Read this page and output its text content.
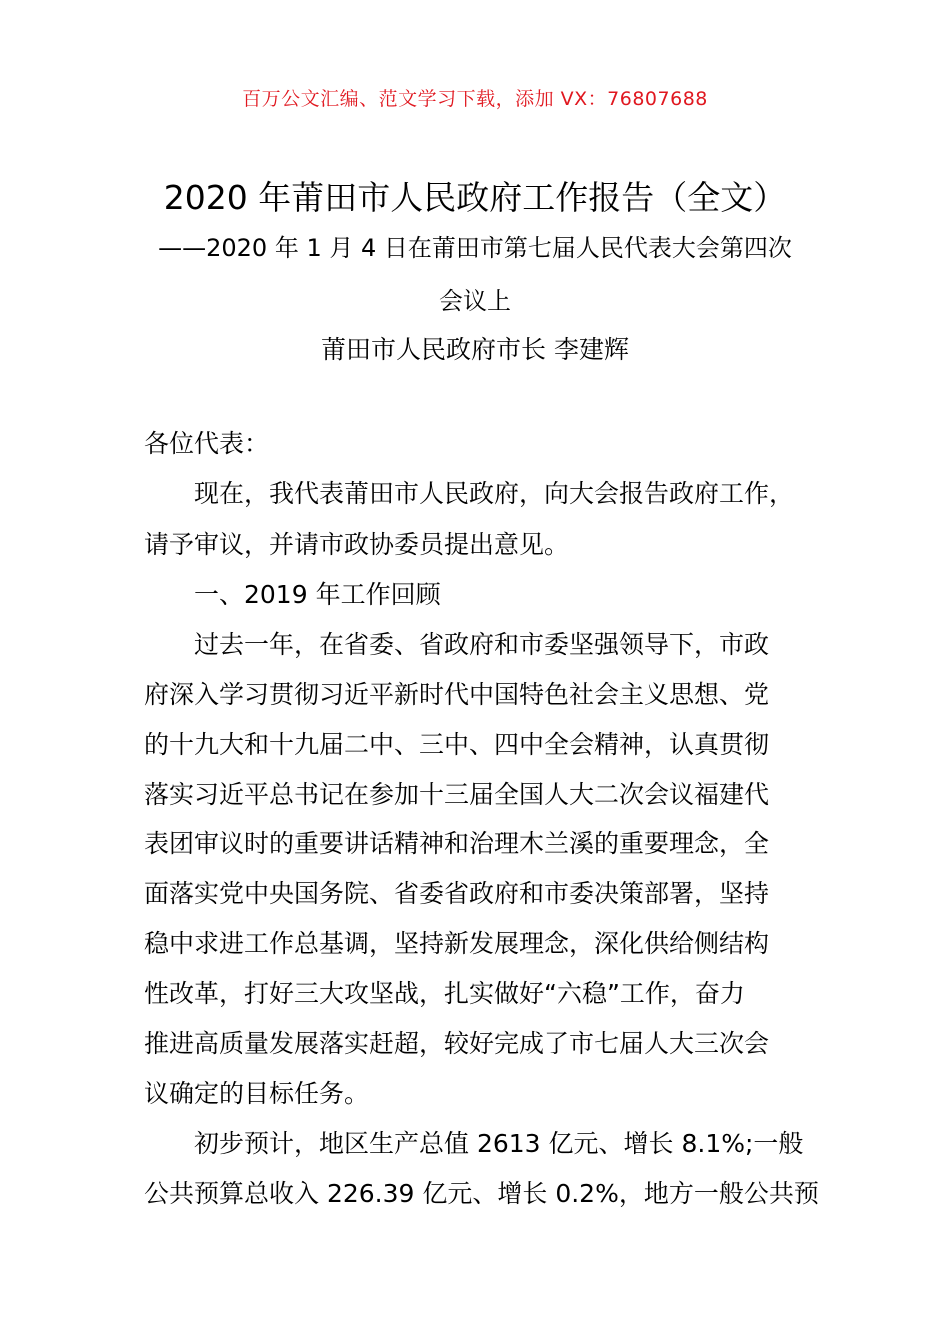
百万公文汇编、范文学习下载，添加 VX：76807688
2020 年莆田市人民政府工作报告（全文）
——2020 年 1 月 4 日在莆田市第七届人民代表大会第四次
会议上
莆田市人民政府市长 李建辉
各位代表：
现在，我代表莆田市人民政府，向大会报告政府工作，
请予审议，并请市政协委员提出意见。
一、2019 年工作回顾
过去一年，在省委、省政府和市委坚强领导下，市政
府深入学习贯彻习近平新时代中国特色社会主义思想、党
的十九大和十九届二中、三中、四中全会精神，认真贯彻
落实习近平总书记在参加十三届全国人大二次会议福建代
表团审议时的重要讲话精神和治理木兰溪的重要理念，全
面落实党中央国务院、省委省政府和市委决策部署，坚持
稳中求进工作总基调，坚持新发展理念，深化供给侧结构
性改革，打好三大攻坚战，扎实做好“六稳”工作，奋力
推进高质量发展落实赶超，较好完成了市七届人大三次会
议确定的目标任务。
初步预计，地区生产总值 2613 亿元、增长 8.1%;一般
公共预算总收入 226.39 亿元、增长 0.2%，地方一般公共预
